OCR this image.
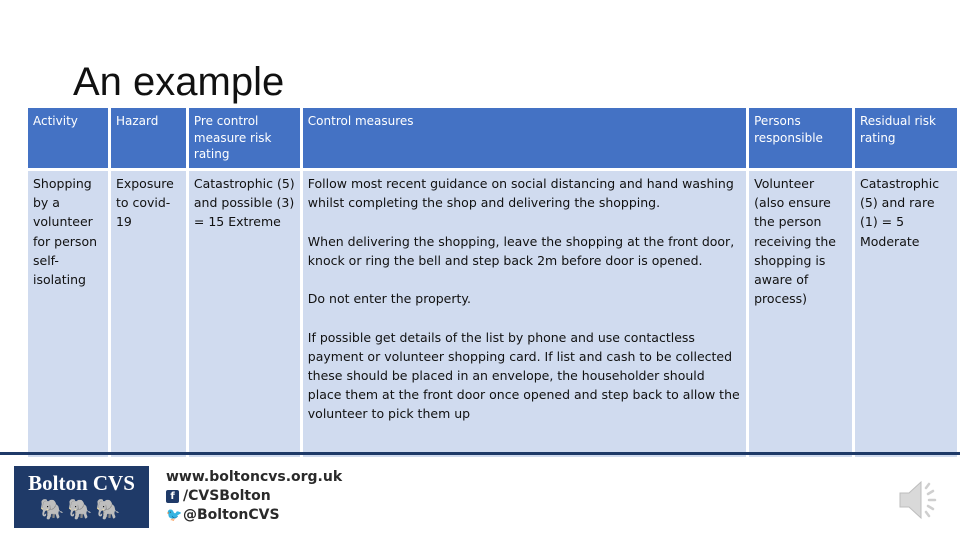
An example
Activity	Hazard	Pre control measure risk rating	Control measures	Persons responsible	Residual risk rating
Shopping by a volunteer for person self-isolating	Exposure to covid-19	Catastrophic (5) and possible (3) = 15 Extreme	Follow most recent guidance on social distancing and hand washing whilst completing the shop and delivering the shopping.

When delivering the shopping, leave the shopping at the front door, knock or ring the bell and step back 2m before door is opened.

Do not enter the property.

If possible get details of the list by phone and use contactless payment or volunteer shopping card. If list and cash to be collected these should be placed in an envelope, the householder should place them at the front door once opened and step back to allow the volunteer to pick them up	Volunteer (also ensure the person receiving the shopping is aware of process)	Catastrophic (5) and rare (1) = 5 Moderate
Bolton CVS
🐘🐘🐘
www.boltoncvs.org.uk
f /CVSBolton
🐦 @BoltonCVS
